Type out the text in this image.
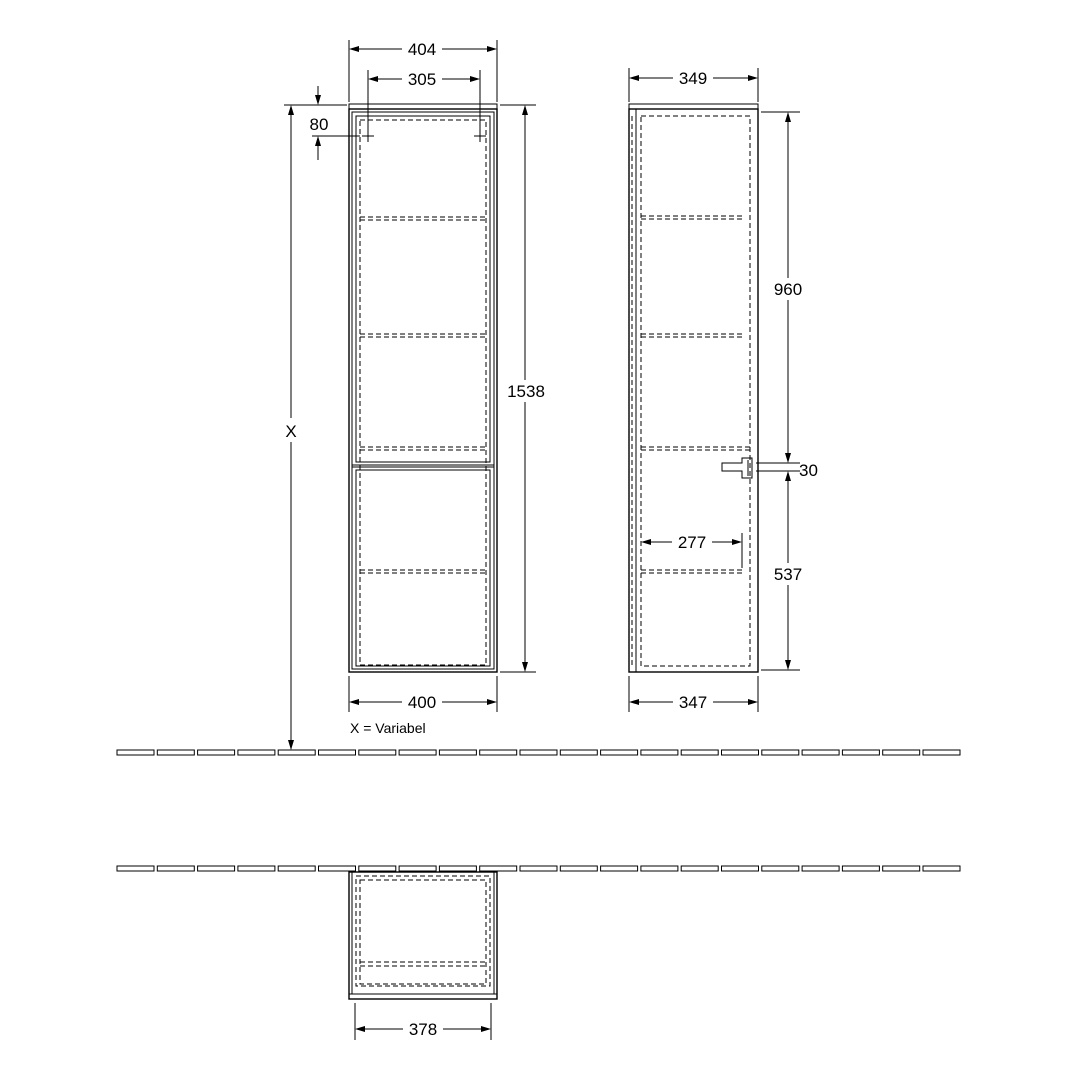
404
305
80
1538
X
400
X = Variabel
349
960
30
537
277
347
378
